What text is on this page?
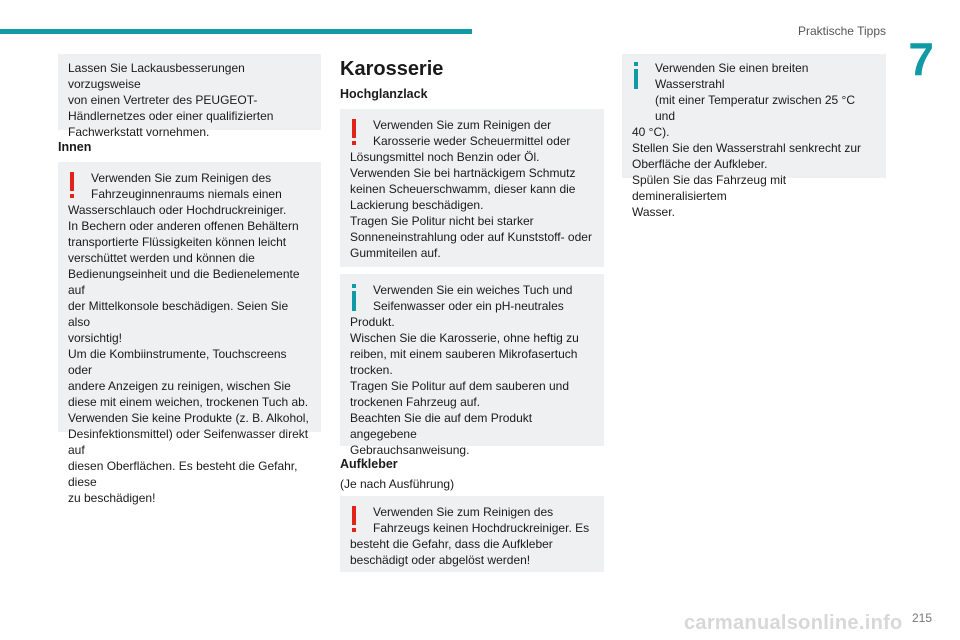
Praktische Tipps
7

Lassen Sie Lackausbesserungen vorzugsweise
von einen Vertreter des PEUGEOT-
Händlernetzes oder einer qualifizierten
Fachwerkstatt vornehmen.

Innen

Verwenden Sie zum Reinigen des
Fahrzeuginnenraums niemals einen

Wasserschlauch oder Hochdruckreiniger.
In Bechern oder anderen offenen Behältern
transportierte Flüssigkeiten können leicht
verschüttet werden und können die
Bedienungseinheit und die Bedienelemente auf
der Mittelkonsole beschädigen. Seien Sie also
vorsichtig!
Um die Kombiinstrumente, Touchscreens oder
andere Anzeigen zu reinigen, wischen Sie
diese mit einem weichen, trockenen Tuch ab.
Verwenden Sie keine Produkte (z. B. Alkohol,
Desinfektionsmittel) oder Seifenwasser direkt auf
diesen Oberflächen. Es besteht die Gefahr, diese
zu beschädigen!

Karosserie
Hochglanzlack

Verwenden Sie zum Reinigen der
Karosserie weder Scheuermittel oder

Lösungsmittel noch Benzin oder Öl.
Verwenden Sie bei hartnäckigem Schmutz
keinen Scheuerschwamm, dieser kann die
Lackierung beschädigen.
Tragen Sie Politur nicht bei starker
Sonneneinstrahlung oder auf Kunststoff- oder
Gummiteilen auf.

Verwenden Sie ein weiches Tuch und
Seifenwasser oder ein pH-neutrales

Produkt.
Wischen Sie die Karosserie, ohne heftig zu
reiben, mit einem sauberen Mikrofasertuch
trocken.
Tragen Sie Politur auf dem sauberen und
trockenen Fahrzeug auf.
Beachten Sie die auf dem Produkt angegebene
Gebrauchsanweisung.

Aufkleber
(Je nach Ausführung)

Verwenden Sie zum Reinigen des
Fahrzeugs keinen Hochdruckreiniger. Es

besteht die Gefahr, dass die Aufkleber
beschädigt oder abgelöst werden!

Verwenden Sie einen breiten Wasserstrahl
(mit einer Temperatur zwischen 25 °C und

40 °C).
Stellen Sie den Wasserstrahl senkrecht zur
Oberfläche der Aufkleber.
Spülen Sie das Fahrzeug mit demineralisiertem
Wasser.

215
carmanualsonline.info
